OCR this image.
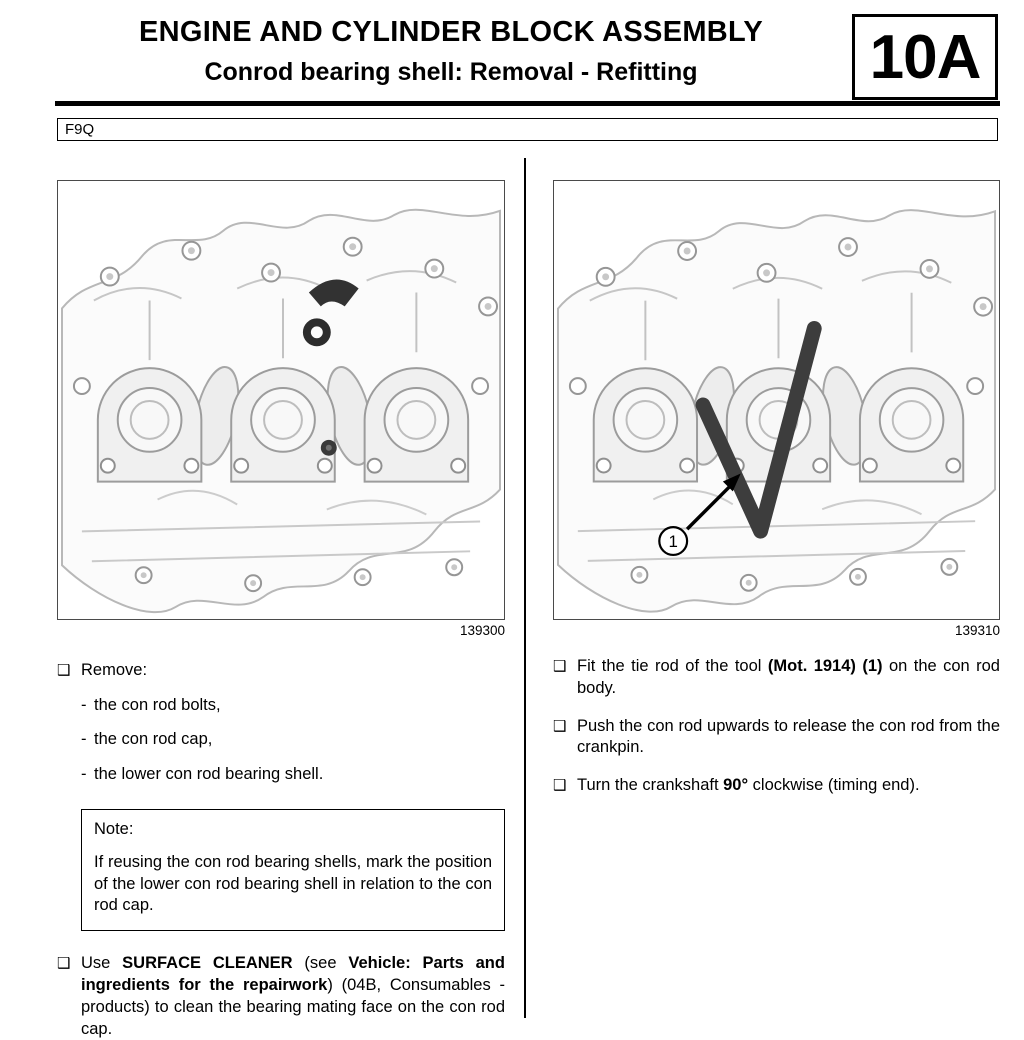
ENGINE AND CYLINDER BLOCK ASSEMBLY
Conrod bearing shell: Removal - Refitting	10A
F9Q
139300
❑ Remove:
- the con rod bolts,
- the con rod cap,
- the lower con rod bearing shell.
Note:
If reusing the con rod bearing shells, mark the position of the lower con rod bearing shell in relation to the con rod cap.
❑ Use SURFACE CLEANER (see Vehicle: Parts and ingredients for the repairwork) (04B, Consumables - products) to clean the bearing mating face on the con rod cap.
1
139310
❑ Fit the tie rod of the tool (Mot. 1914) (1) on the con rod body.
❑ Push the con rod upwards to release the con rod from the crankpin.
❑ Turn the crankshaft 90° clockwise (timing end).
